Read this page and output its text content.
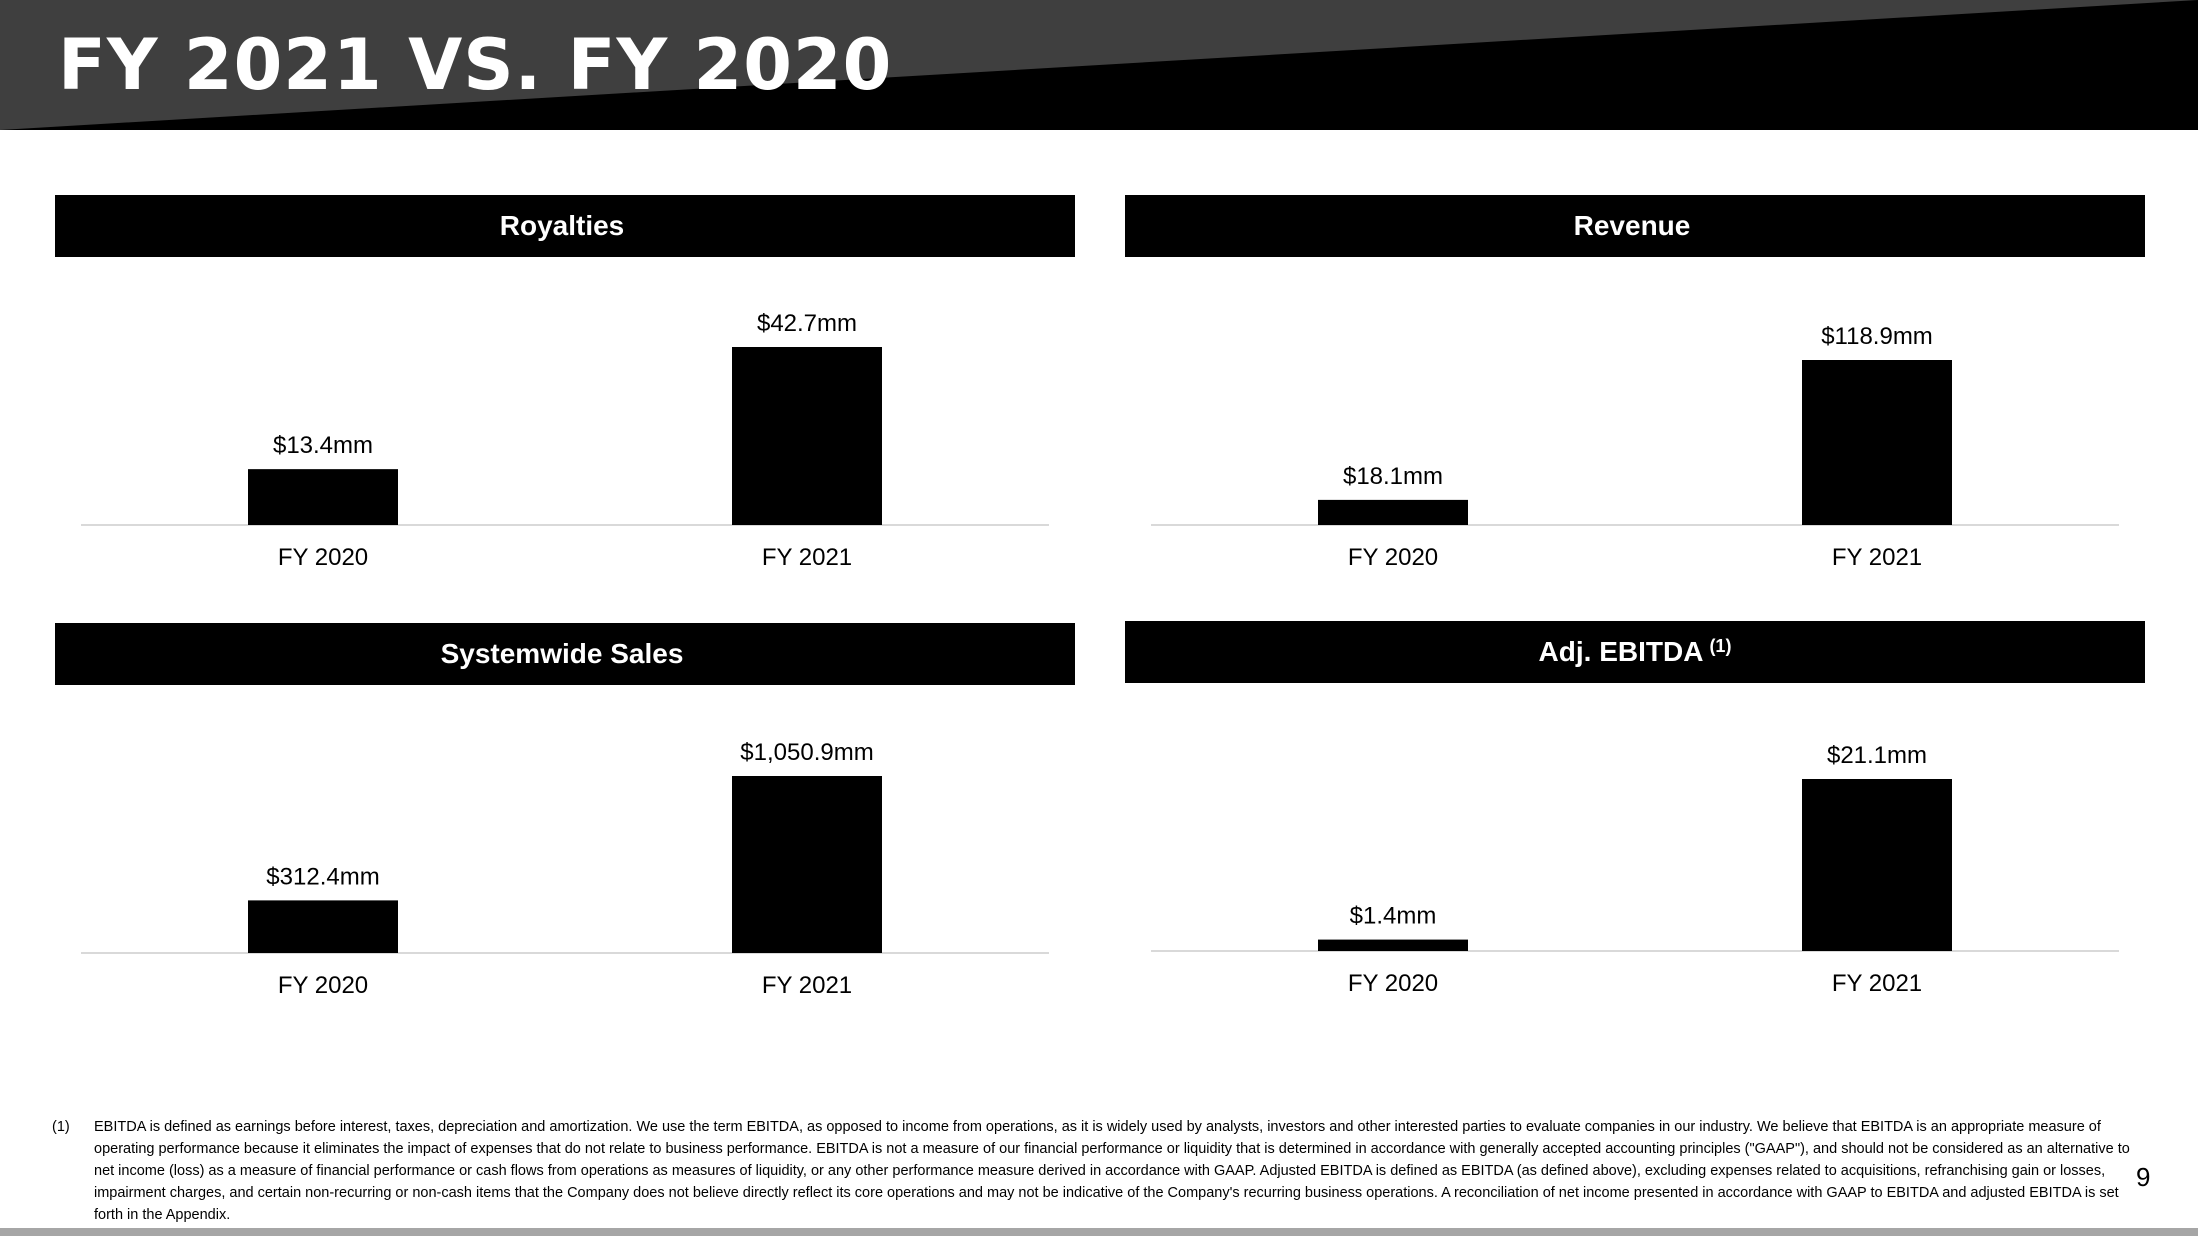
FY 2021 VS. FY 2020
Royalties
$13.4mm
FY 2020
$42.7mm
FY 2021
Revenue
$18.1mm
FY 2020
$118.9mm
FY 2021
Systemwide Sales
$312.4mm
FY 2020
$1,050.9mm
FY 2021
Adj. EBITDA $^{(1)}$
$1.4mm
FY 2020
$21.1mm
FY 2021
(1) EBITDA is defined as earnings before interest, taxes, depreciation and amortization. We use the term EBITDA, as opposed to income from operations, as it is widely used by analysts, investors and other interested parties to evaluate companies in our industry. We believe that EBITDA is an appropriate measure of operating performance because it eliminates the impact of expenses that do not relate to business performance. EBITDA is not a measure of our financial performance or liquidity that is determined in accordance with generally accepted accounting principles ("GAAP"), and should not be considered as an alternative to net income (loss) as a measure of financial performance or cash flows from operations as measures of liquidity, or any other performance measure derived in accordance with GAAP. Adjusted EBITDA is defined as EBITDA (as defined above), excluding expenses related to acquisitions, refranchising gain or losses, impairment charges, and certain non-recurring or non-cash items that the Company does not believe directly reflect its core operations and may not be indicative of the Company's recurring business operations. A reconciliation of net income presented in accordance with GAAP to EBITDA and adjusted EBITDA is set forth in the Appendix.

9
